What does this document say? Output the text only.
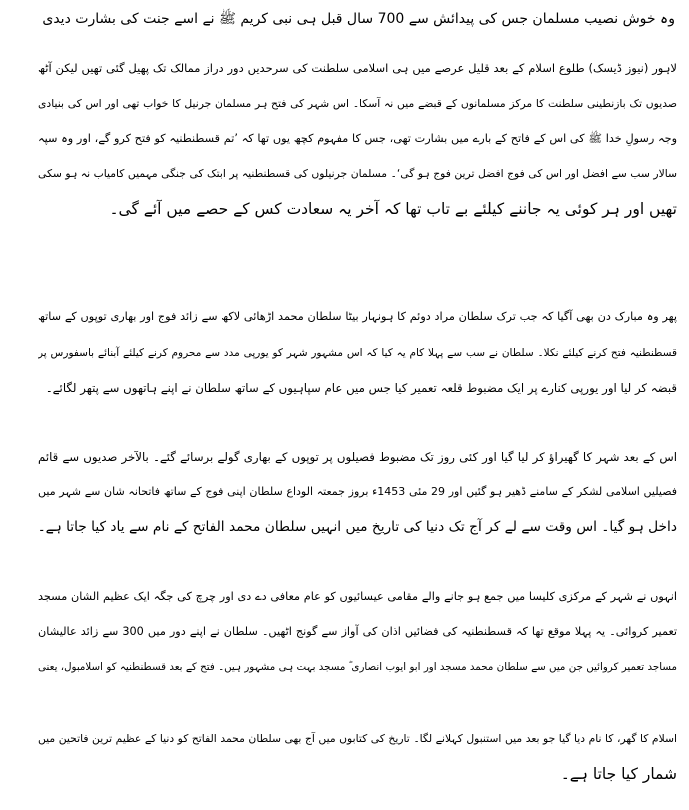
وہ خوش نصیب مسلمان جس کی پیدائش سے 700 سال قبل ہی نبی کریم ﷺ نے اسے جنت کی بشارت دیدی
لاہور (نیوز ڈیسک) طلوع اسلام کے بعد قلیل عرصے میں ہی اسلامی سلطنت کی سرحدیں دور دراز ممالک تک پھیل گئی تھیں لیکن آٹھ
صدیوں تک بازنطینی سلطنت کا مرکز مسلمانوں کے قبضے میں نہ آسکا۔ اس شہر کی فتح ہر مسلمان جرنیل کا خواب تھی اور اس کی بنیادی
وجہ رسولِ خدا ﷺ کی اس کے فاتح کے بارے میں بشارت تھی، جس کا مفہوم کچھ یوں تھا کہ ’تم قسطنطنیہ کو فتح کرو گے، اور وہ سپہ
سالار سب سے افضل اور اس کی فوج افضل ترین فوج ہو گی‘۔ مسلمان جرنیلوں کی قسطنطنیہ پر ابتک کی جنگی مہمیں کامیاب نہ ہو سکی
تھیں اور ہر کوئی یہ جاننے کیلئے بے تاب تھا کہ آخر یہ سعادت کس کے حصے میں آئے گی۔
پھر وہ مبارک دن بھی آگیا کہ جب ترک سلطان مراد دوئم کا ہونہار بیٹا سلطان محمد اڑھائی لاکھ سے زائد فوج اور بھاری توپوں کے ساتھ
قسطنطنیہ فتح کرنے کیلئے نکلا۔ سلطان نے سب سے پہلا کام یہ کیا کہ اس مشہور شہر کو یورپی مدد سے محروم کرنے کیلئے آبنائے باسفورس پر
قبضہ کر لیا اور یورپی کنارے پر ایک مضبوط قلعہ تعمیر کیا جس میں عام سپاہیوں کے ساتھ سلطان نے اپنے ہاتھوں سے پتھر لگائے۔
اس کے بعد شہر کا گھیراؤ کر لیا گیا اور کئی روز تک مضبوط فصیلوں پر توپوں کے بھاری گولے برسائے گئے۔ بالآخر صدیوں سے قائم
فصیلیں اسلامی لشکر کے سامنے ڈھیر ہو گئیں اور 29 مئی 1453ء بروز جمعتہ الوداع سلطان اپنی فوج کے ساتھ فاتحانہ شان سے شہر میں
داخل ہو گیا۔ اس وقت سے لے کر آج تک دنیا کی تاریخ میں انہیں سلطان محمد الفاتح کے نام سے یاد کیا جاتا ہے۔
انہوں نے شہر کے مرکزی کلیسا میں جمع ہو جانے والے مقامی عیسائیوں کو عام معافی دے دی اور چرچ کی جگہ ایک عظیم الشان مسجد
تعمیر کروائی۔ یہ پہلا موقع تھا کہ قسطنطنیہ کی فضائیں اذان کی آواز سے گونج اٹھیں۔ سلطان نے اپنے دور میں 300 سے زائد عالیشان
مساجد تعمیر کروائیں جن میں سے سلطان محمد مسجد اور ابو ایوب انصاری ؓ مسجد بہت ہی مشہور ہیں۔ فتح کے بعد قسطنطنیہ کو اسلامبول، یعنی
اسلام کا گھر، کا نام دیا گیا جو بعد میں استنبول کہلانے لگا۔ تاریخ کی کتابوں میں آج بھی سلطان محمد الفاتح کو دنیا کے عظیم ترین فاتحین میں
شمار کیا جاتا ہے۔
